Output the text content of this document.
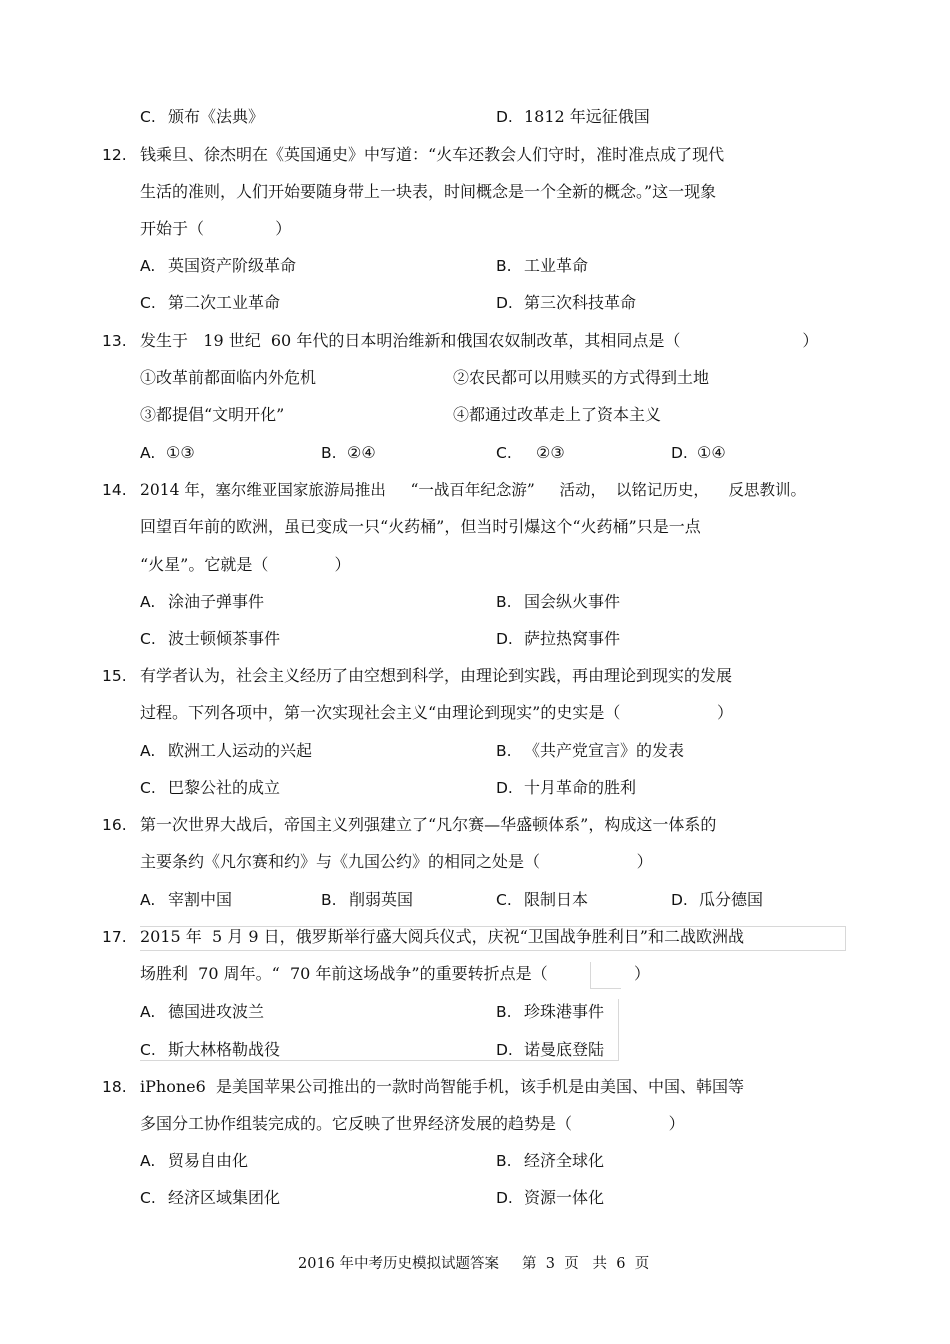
C. 颁布《法典》	D. 1812 年远征俄国
12. 钱乘旦、徐杰明在《英国通史》中写道：“火车还教会人们守时，准时准点成了现代
生活的准则，人们开始要随身带上一块表，时间概念是一个全新的概念。”这一现象
开始于（              ）
A. 英国资产阶级革命	B. 工业革命
C. 第二次工业革命	D. 第三次科技革命
13. 发生于   19 世纪  60 年代的日本明治维新和俄国农奴制改革，其相同点是（                        ）
①改革前都面临内外危机	②农民都可以用赎买的方式得到土地
③都提倡“文明开化”	④都通过改革走上了资本主义
A. ①③	B. ②④	C. ②③	D. ①④
14. 2014 年，塞尔维亚国家旅游局推出     “一战百年纪念游”     活动，  以铭记历史，    反思教训。
回望百年前的欧洲，虽已变成一只“火药桶”，但当时引爆这个“火药桶”只是一点
“火星”。它就是（             ）
A. 涂油子弹事件	B. 国会纵火事件
C. 波士顿倾茶事件	D. 萨拉热窝事件
15. 有学者认为，社会主义经历了由空想到科学，由理论到实践，再由理论到现实的发展
过程。下列各项中，第一次实现社会主义“由理论到现实”的史实是（                   ）
A. 欧洲工人运动的兴起	B. 《共产党宣言》的发表
C. 巴黎公社的成立	D. 十月革命的胜利
16. 第一次世界大战后，帝国主义列强建立了“凡尔赛—华盛顿体系”，构成这一体系的
主要条约《凡尔赛和约》与《九国公约》的相同之处是（                   ）
A. 宰割中国	B. 削弱英国	C. 限制日本	D. 瓜分德国
17. 2015 年  5 月 9 日，俄罗斯举行盛大阅兵仪式，庆祝“卫国战争胜利日”和二战欧洲战
场胜利  70 周年。“  70 年前这场战争”的重要转折点是（                 ）
A. 德国进攻波兰	B. 珍珠港事件
C. 斯大林格勒战役	D. 诺曼底登陆
18. iPhone6  是美国苹果公司推出的一款时尚智能手机，该手机是由美国、中国、韩国等
多国分工协作组装完成的。它反映了世界经济发展的趋势是（                   ）
A. 贸易自由化	B. 经济全球化
C. 经济区域集团化	D. 资源一体化
2016 年中考历史模拟试题答案     第  3  页   共  6  页
